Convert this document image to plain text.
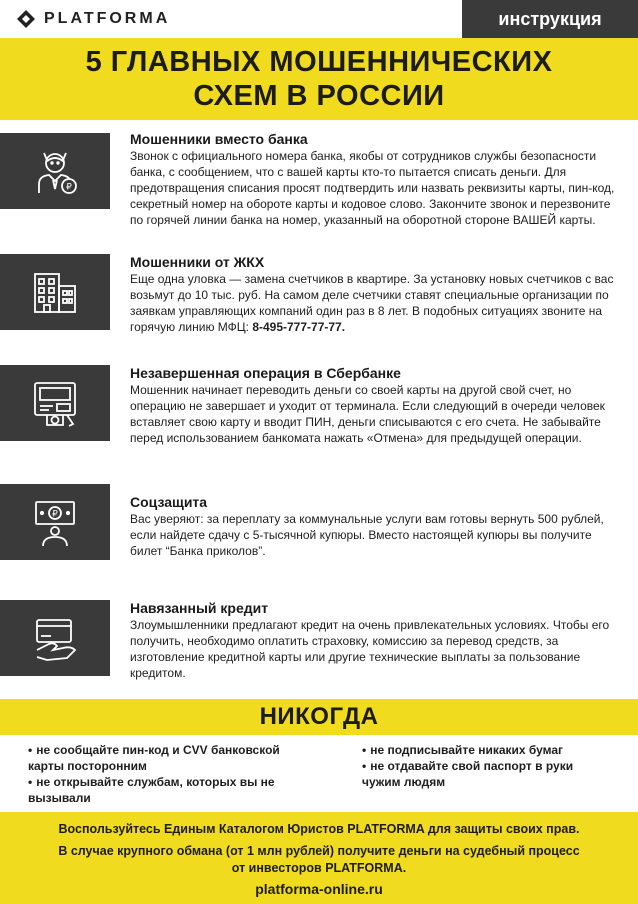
PLATFORMA	инструкция
5 ГЛАВНЫХ МОШЕННИЧЕСКИХ
СХЕМ В РОССИИ
₽
Мошенники вместо банка

Звонок с официального номера банка, якобы от сотрудников службы безопасности банка, с сообщением, что с вашей карты кто-то пытается списать деньги. Для предотвращения списания просят подтвердить или назвать реквизиты карты, пин-код, секретный номер на обороте карты и кодовое слово. Закончите звонок и перезвоните по горячей линии банка на номер, указанный на оборотной стороне ВАШЕЙ карты.

Мошенники от ЖКХ

Еще одна уловка — замена счетчиков в квартире. За установку новых счетчиков с вас возьмут до 10 тыс. руб. На самом деле счетчики ставят специальные организации по заявкам управляющих компаний один раз в 8 лет. В подобных ситуациях звоните на горячую линию МФЦ: 8-495-777-77-77.

Незавершенная операция в Сбербанке

Мошенник начинает переводить деньги со своей карты на другой свой счет, но операцию не завершает и уходит от терминала. Если следующий в очереди человек вставляет свою карту и вводит ПИН, деньги списываются с его счета. Не забывайте перед использованием банкомата нажать «Отмена» для предыдущей операции.

₽
Соцзащита

Вас уверяют: за переплату за коммунальные услуги вам готовы вернуть 500 рублей, если найдете сдачу с 5-тысячной купюры. Вместо настоящей купюры вы получите билет “Банка приколов”.

Навязанный кредит

Злоумышленники предлагают кредит на очень привлекательных условиях. Чтобы его получить, необходимо оплатить страховку, комиссию за перевод средств, за изготовление кредитной карты или другие технические выплаты за пользование кредитом.

НИКОГДА
• не сообщайте пин-код и CVV банковской карты посторонним
• не открывайте службам, которых вы не вызывали
• не подписывайте никаких бумаг
• не отдавайте свой паспорт в руки чужим людям
Воспользуйтесь Единым Каталогом Юристов PLATFORMA для защиты своих прав.
В случае крупного обмана (от 1 млн рублей) получите деньги на судебный процесс
от инвесторов PLATFORMA.
platforma-online.ru
